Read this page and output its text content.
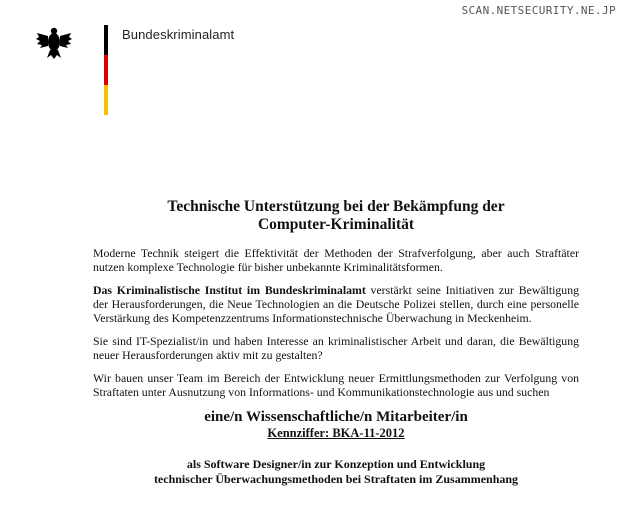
Bundeskriminalamt
SCAN.NETSECURITY.NE.JP
Technische Unterstützung bei der Bekämpfung der
Computer-Kriminalität

Moderne Technik steigert die Effektivität der Methoden der Strafverfolgung, aber auch Straftäter nutzen komplexe Technologie für bisher unbekannte Kriminalitätsformen.

Das Kriminalistische Institut im Bundeskriminalamt verstärkt seine Initiativen zur Bewältigung der Herausforderungen, die Neue Technologien an die Deutsche Polizei stellen, durch eine personelle Verstärkung des Kompetenzzentrums Informationstechnische Überwachung in Meckenheim.

Sie sind IT-Spezialist/in und haben Interesse an kriminalistischer Arbeit und daran, die Bewältigung neuer Herausforderungen aktiv mit zu gestalten?

Wir bauen unser Team im Bereich der Entwicklung neuer Ermittlungsmethoden zur Verfolgung von Straftaten unter Ausnutzung von Informations- und Kommunikationstechnologie aus und suchen

eine/n Wissenschaftliche/n Mitarbeiter/in
Kennziffer: BKA-11-2012
als Software Designer/in zur Konzeption und Entwicklung
technischer Überwachungsmethoden bei Straftaten im Zusammenhang
